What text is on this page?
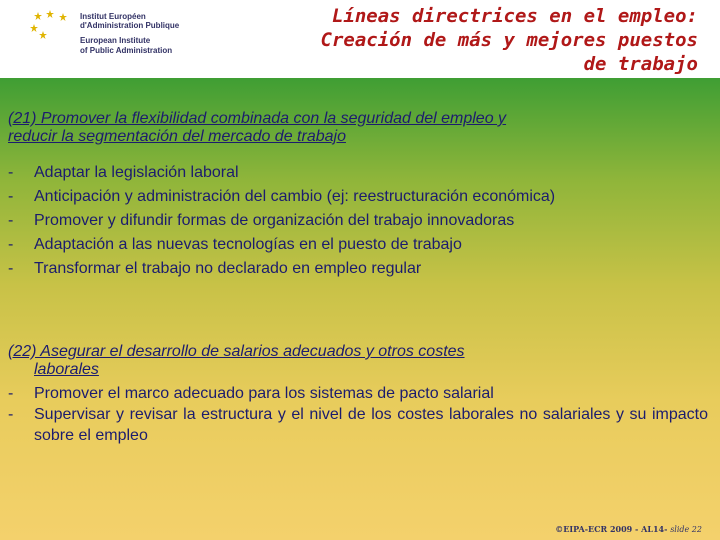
Institut Européen
d'Administration Publique
European Institute
of Public Administration
Líneas directrices en el empleo:
Creación de más y mejores puestos
de trabajo
(21) Promover la flexibilidad combinada con la seguridad del empleo y
reducir la segmentación del mercado de trabajo
- Adaptar la legislación laboral
- Anticipación y administración del cambio (ej: reestructuración económica)
- Promover y difundir formas de organización del trabajo innovadoras
- Adaptación a las nuevas tecnologías en el puesto de trabajo
- Transformar el trabajo no declarado en empleo regular
(22) Asegurar el desarrollo de salarios adecuados y otros costes
laborales
- Promover el marco adecuado para los sistemas de pacto salarial
- Supervisar y revisar la estructura y el nivel de los costes laborales no salariales y su impacto sobre el empleo
©EIPA-ECR 2009 - AL14- slide 22
